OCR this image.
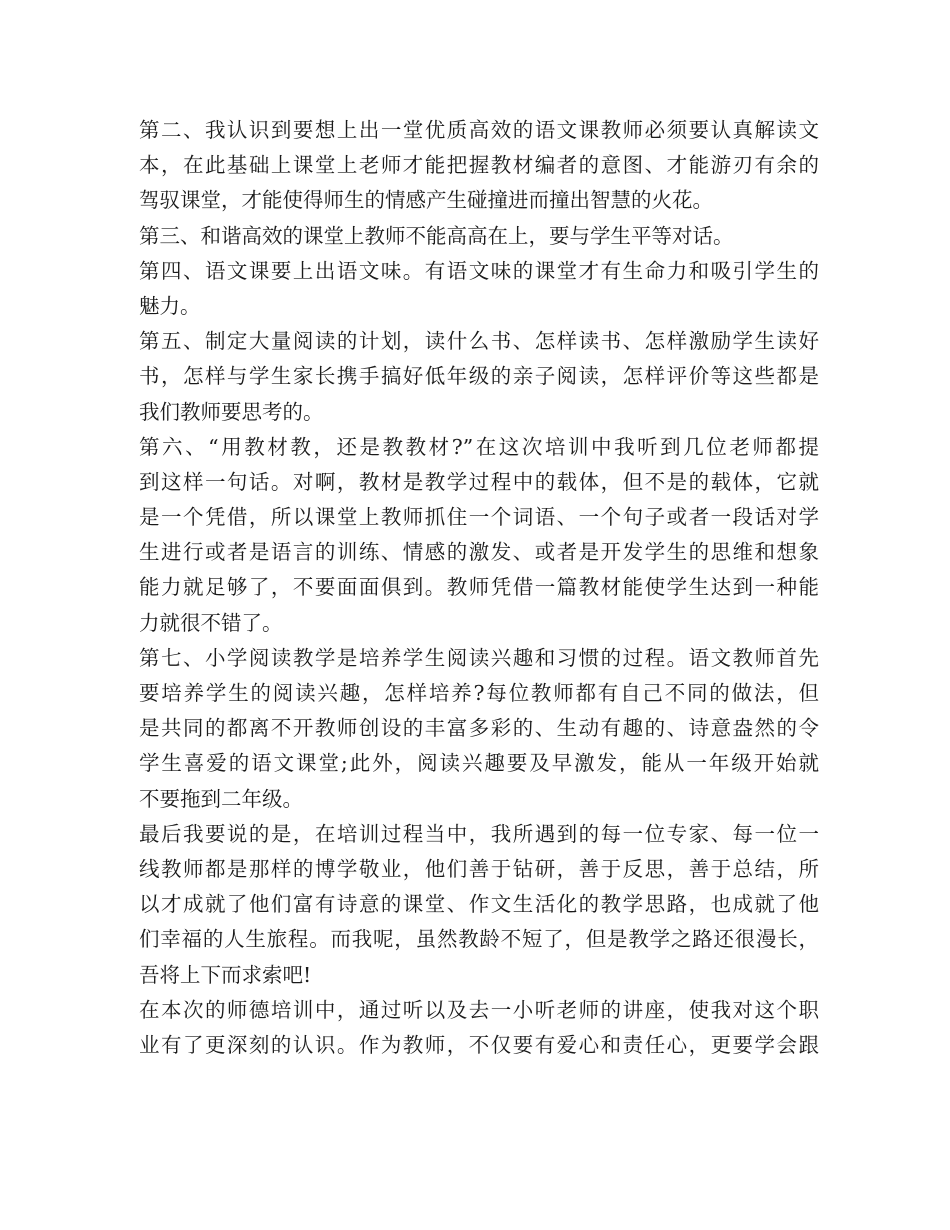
第二、我认识到要想上出一堂优质高效的语文课教师必须要认真解读文
本，在此基础上课堂上老师才能把握教材编者的意图、才能游刃有余的
驾驭课堂，才能使得师生的情感产生碰撞进而撞出智慧的火花。
第三、和谐高效的课堂上教师不能高高在上，要与学生平等对话。
第四、语文课要上出语文味。有语文味的课堂才有生命力和吸引学生的
魅力。
第五、制定大量阅读的计划，读什么书、怎样读书、怎样激励学生读好
书，怎样与学生家长携手搞好低年级的亲子阅读，怎样评价等这些都是
我们教师要思考的。
第六、“用教材教，还是教教材?”在这次培训中我听到几位老师都提
到这样一句话。对啊，教材是教学过程中的载体，但不是的载体，它就
是一个凭借，所以课堂上教师抓住一个词语、一个句子或者一段话对学
生进行或者是语言的训练、情感的激发、或者是开发学生的思维和想象
能力就足够了，不要面面俱到。教师凭借一篇教材能使学生达到一种能
力就很不错了。
第七、小学阅读教学是培养学生阅读兴趣和习惯的过程。语文教师首先
要培养学生的阅读兴趣，怎样培养?每位教师都有自己不同的做法，但
是共同的都离不开教师创设的丰富多彩的、生动有趣的、诗意盎然的令
学生喜爱的语文课堂;此外，阅读兴趣要及早激发，能从一年级开始就
不要拖到二年级。
最后我要说的是，在培训过程当中，我所遇到的每一位专家、每一位一
线教师都是那样的博学敬业，他们善于钻研，善于反思，善于总结，所
以才成就了他们富有诗意的课堂、作文生活化的教学思路，也成就了他
们幸福的人生旅程。而我呢，虽然教龄不短了，但是教学之路还很漫长，
吾将上下而求索吧!
在本次的师德培训中，通过听以及去一小听老师的讲座，使我对这个职
业有了更深刻的认识。作为教师，不仅要有爱心和责任心，更要学会跟
